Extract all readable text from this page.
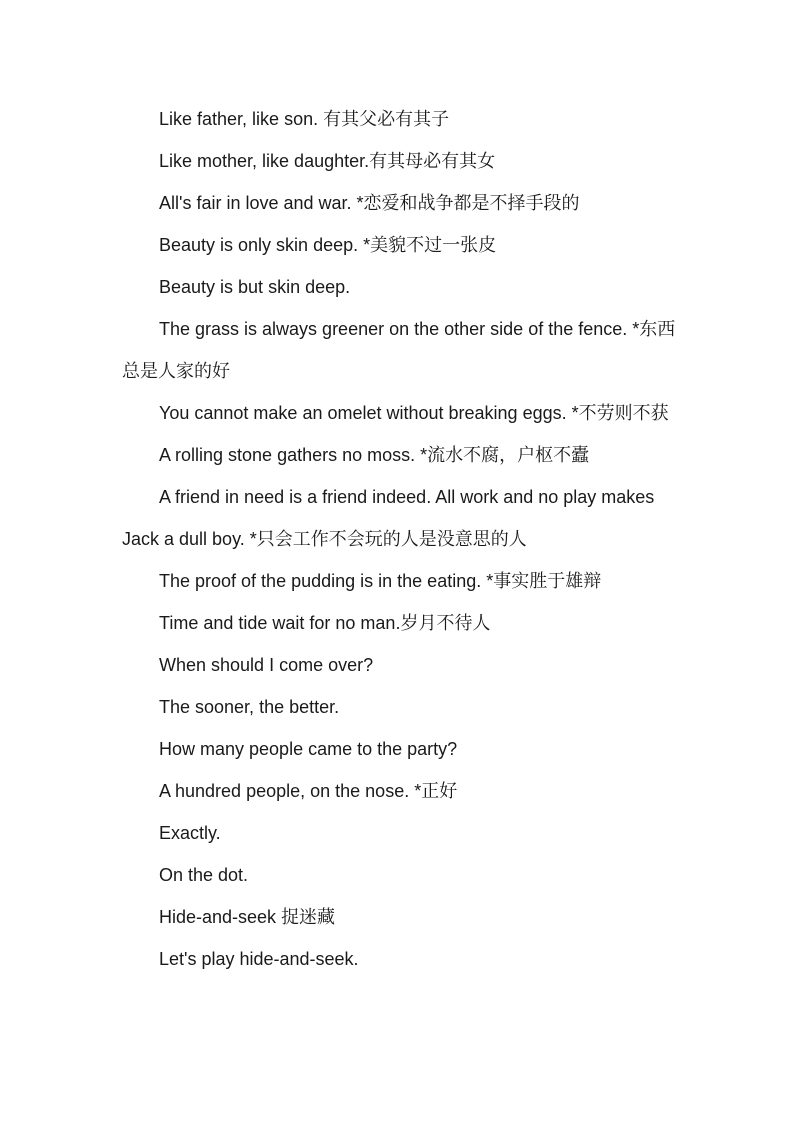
Like father, like son. 有其父必有其子

Like mother, like daughter.有其母必有其女

All's fair in love and war. *恋爱和战争都是不择手段的

Beauty is only skin deep. *美貌不过一张皮

Beauty is but skin deep.

The grass is always greener on the other side of the fence. *东西总是人家的好

You cannot make an omelet without breaking eggs. *不劳则不获

A rolling stone gathers no moss. *流水不腐，户枢不蠹

A friend in need is a friend indeed. All work and no play makes Jack a dull boy. *只会工作不会玩的人是没意思的人

The proof of the pudding is in the eating. *事实胜于雄辩

Time and tide wait for no man.岁月不待人

When should I come over?

The sooner, the better.

How many people came to the party?

A hundred people, on the nose. *正好

Exactly.

On the dot.

Hide-and-seek 捉迷藏

Let's play hide-and-seek.
